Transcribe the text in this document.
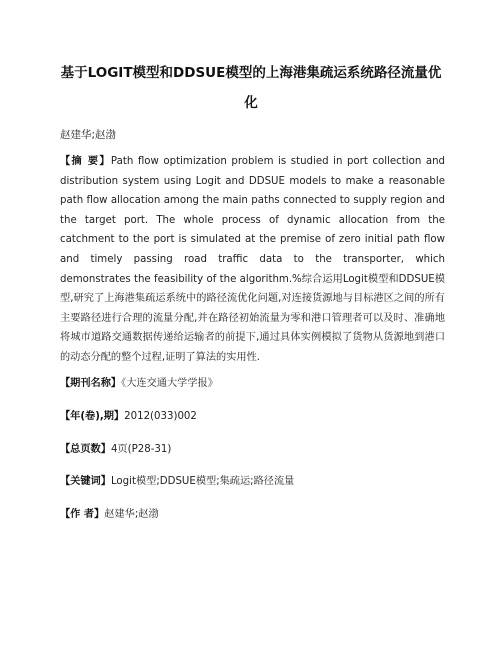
基于LOGIT模型和DDSUE模型的上海港集疏运系统路径流量优化
赵建华;赵渤
【摘 要】Path flow optimization problem is studied in port collection and distribution system using Logit and DDSUE models to make a reasonable path flow allocation among the main paths connected to supply region and the target port. The whole process of dynamic allocation from the catchment to the port is simulated at the premise of zero initial path flow and timely passing road traffic data to the transporter, which demonstrates the feasibility of the algorithm.%综合运用Logit模型和DDSUE模型,研究了上海港集疏运系统中的路径流优化问题,对连接货源地与目标港区之间的所有主要路径进行合理的流量分配,并在路径初始流量为零和港口管理者可以及时、准确地将城市道路交通数据传递给运输者的前提下,通过具体实例模拟了货物从货源地到港口的动态分配的整个过程,证明了算法的实用性.
【期刊名称】《大连交通大学学报》
【年(卷),期】2012(033)002
【总页数】4页(P28-31)
【关键词】Logit模型;DDSUE模型;集疏运;路径流量
【作 者】赵建华;赵渤
